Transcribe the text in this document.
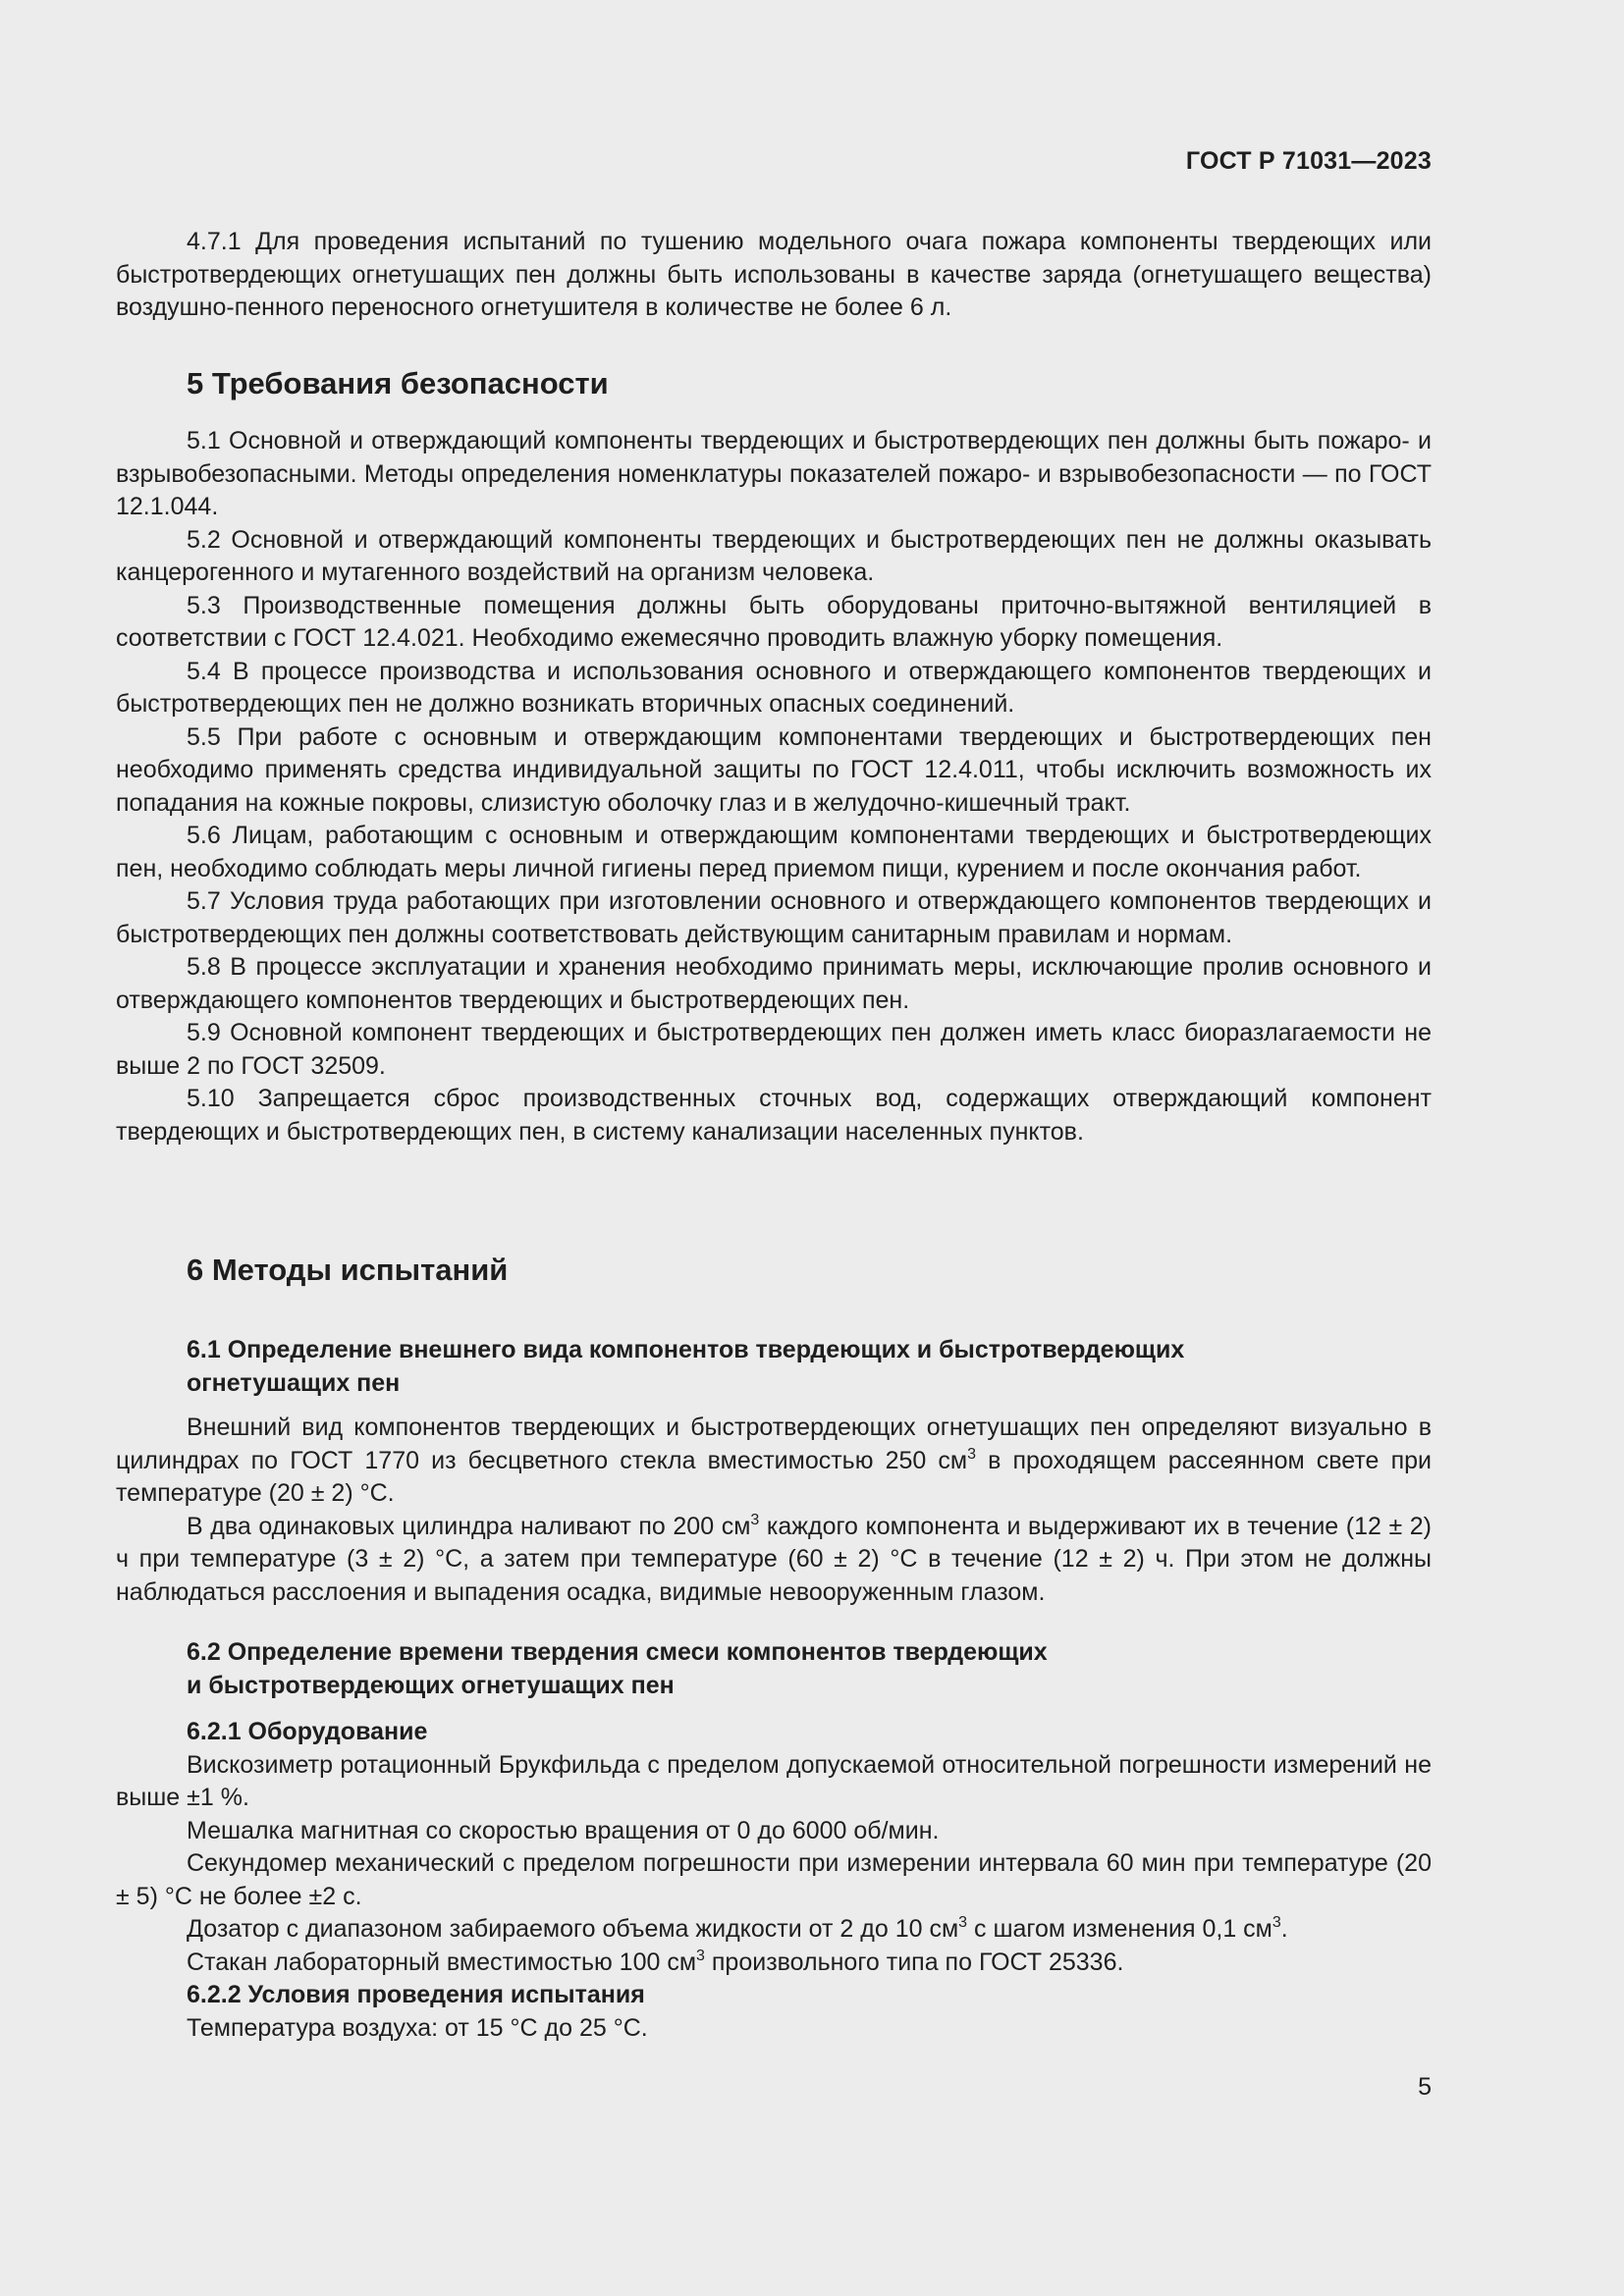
ГОСТ Р 71031—2023

4.7.1 Для проведения испытаний по тушению модельного очага пожара компоненты твердеющих или быстротвердеющих огнетушащих пен должны быть использованы в качестве заряда (огнетушащего вещества) воздушно-пенного переносного огнетушителя в количестве не более 6 л.

5 Требования безопасности

5.1 Основной и отверждающий компоненты твердеющих и быстротвердеющих пен должны быть пожаро- и взрывобезопасными. Методы определения номенклатуры показателей пожаро- и взрывобезопасности — по ГОСТ 12.1.044.

5.2 Основной и отверждающий компоненты твердеющих и быстротвердеющих пен не должны оказывать канцерогенного и мутагенного воздействий на организм человека.

5.3 Производственные помещения должны быть оборудованы приточно-вытяжной вентиляцией в соответствии с ГОСТ 12.4.021. Необходимо ежемесячно проводить влажную уборку помещения.

5.4 В процессе производства и использования основного и отверждающего компонентов твердеющих и быстротвердеющих пен не должно возникать вторичных опасных соединений.

5.5 При работе с основным и отверждающим компонентами твердеющих и быстротвердеющих пен необходимо применять средства индивидуальной защиты по ГОСТ 12.4.011, чтобы исключить возможность их попадания на кожные покровы, слизистую оболочку глаз и в желудочно-кишечный тракт.

5.6 Лицам, работающим с основным и отверждающим компонентами твердеющих и быстротвердеющих пен, необходимо соблюдать меры личной гигиены перед приемом пищи, курением и после окончания работ.

5.7 Условия труда работающих при изготовлении основного и отверждающего компонентов твердеющих и быстротвердеющих пен должны соответствовать действующим санитарным правилам и нормам.

5.8 В процессе эксплуатации и хранения необходимо принимать меры, исключающие пролив основного и отверждающего компонентов твердеющих и быстротвердеющих пен.

5.9 Основной компонент твердеющих и быстротвердеющих пен должен иметь класс биоразлагаемости не выше 2 по ГОСТ 32509.

5.10 Запрещается сброс производственных сточных вод, содержащих отверждающий компонент твердеющих и быстротвердеющих пен, в систему канализации населенных пунктов.

6 Методы испытаний
6.1 Определение внешнего вида компонентов твердеющих и быстротвердеющих
огнетушащих пен

Внешний вид компонентов твердеющих и быстротвердеющих огнетушащих пен определяют визуально в цилиндрах по ГОСТ 1770 из бесцветного стекла вместимостью 250 $см^3$ в проходящем рассеянном свете при температуре (20 ± 2) °С.

В два одинаковых цилиндра наливают по 200 $см^3$ каждого компонента и выдерживают их в течение (12 ± 2) ч при температуре (3 ± 2) °С, а затем при температуре (60 ± 2) °С в течение (12 ± 2) ч. При этом не должны наблюдаться расслоения и выпадения осадка, видимые невооруженным глазом.

6.2 Определение времени твердения смеси компонентов твердеющих
и быстротвердеющих огнетушащих пен
6.2.1 Оборудование

Вискозиметр ротационный Брукфильда с пределом допускаемой относительной погрешности измерений не выше ±1 %.

Мешалка магнитная со скоростью вращения от 0 до 6000 об/мин.

Секундомер механический с пределом погрешности при измерении интервала 60 мин при температуре (20 ± 5) °С не более ±2 с.

Дозатор с диапазоном забираемого объема жидкости от 2 до 10 $см^3$ с шагом изменения 0,1 $см^3$.

Стакан лабораторный вместимостью 100 $см^3$ произвольного типа по ГОСТ 25336.

6.2.2 Условия проведения испытания

Температура воздуха: от 15 °С до 25 °С.

5
